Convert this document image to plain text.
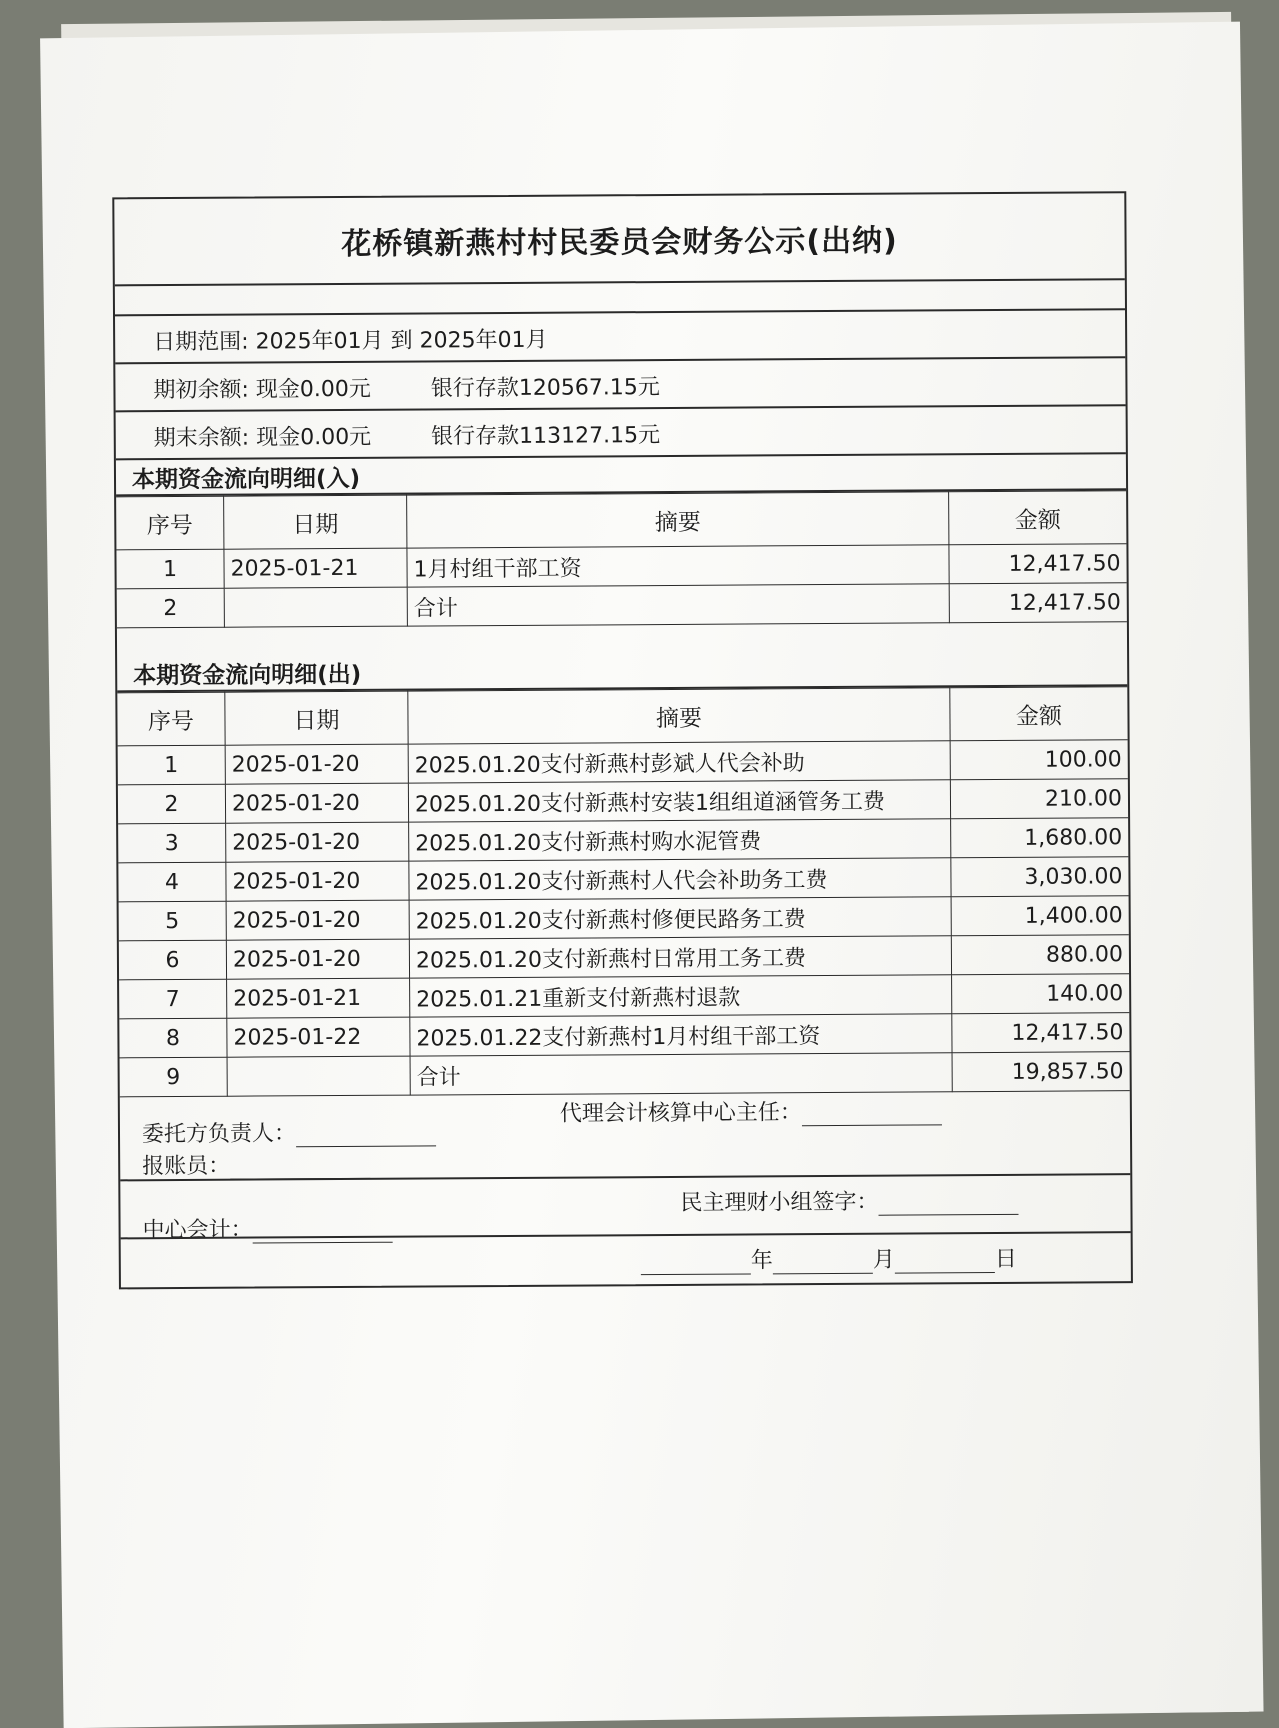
花桥镇新燕村村民委员会财务公示(出纳)
日期范围: 2025年01月 到 2025年01月
期初余额: 现金0.00元	银行存款120567.15元
期末余额: 现金0.00元	银行存款113127.15元
本期资金流向明细(入)
序号	日期	摘要	金额
1	2025-01-21	1月村组干部工资	12,417.50
2		合计	12,417.50
本期资金流向明细(出)
序号	日期	摘要	金额
1	2025-01-20	2025.01.20支付新燕村彭斌人代会补助	100.00
2	2025-01-20	2025.01.20支付新燕村安装1组组道涵管务工费	210.00
3	2025-01-20	2025.01.20支付新燕村购水泥管费	1,680.00
4	2025-01-20	2025.01.20支付新燕村人代会补助务工费	3,030.00
5	2025-01-20	2025.01.20支付新燕村修便民路务工费	1,400.00
6	2025-01-20	2025.01.20支付新燕村日常用工务工费	880.00
7	2025-01-21	2025.01.21重新支付新燕村退款	140.00
8	2025-01-22	2025.01.22支付新燕村1月村组干部工资	12,417.50
9		合计	19,857.50
委托方负责人：
代理会计核算中心主任：
报账员：
民主理财小组签字：
中心会计：
年	月	日
